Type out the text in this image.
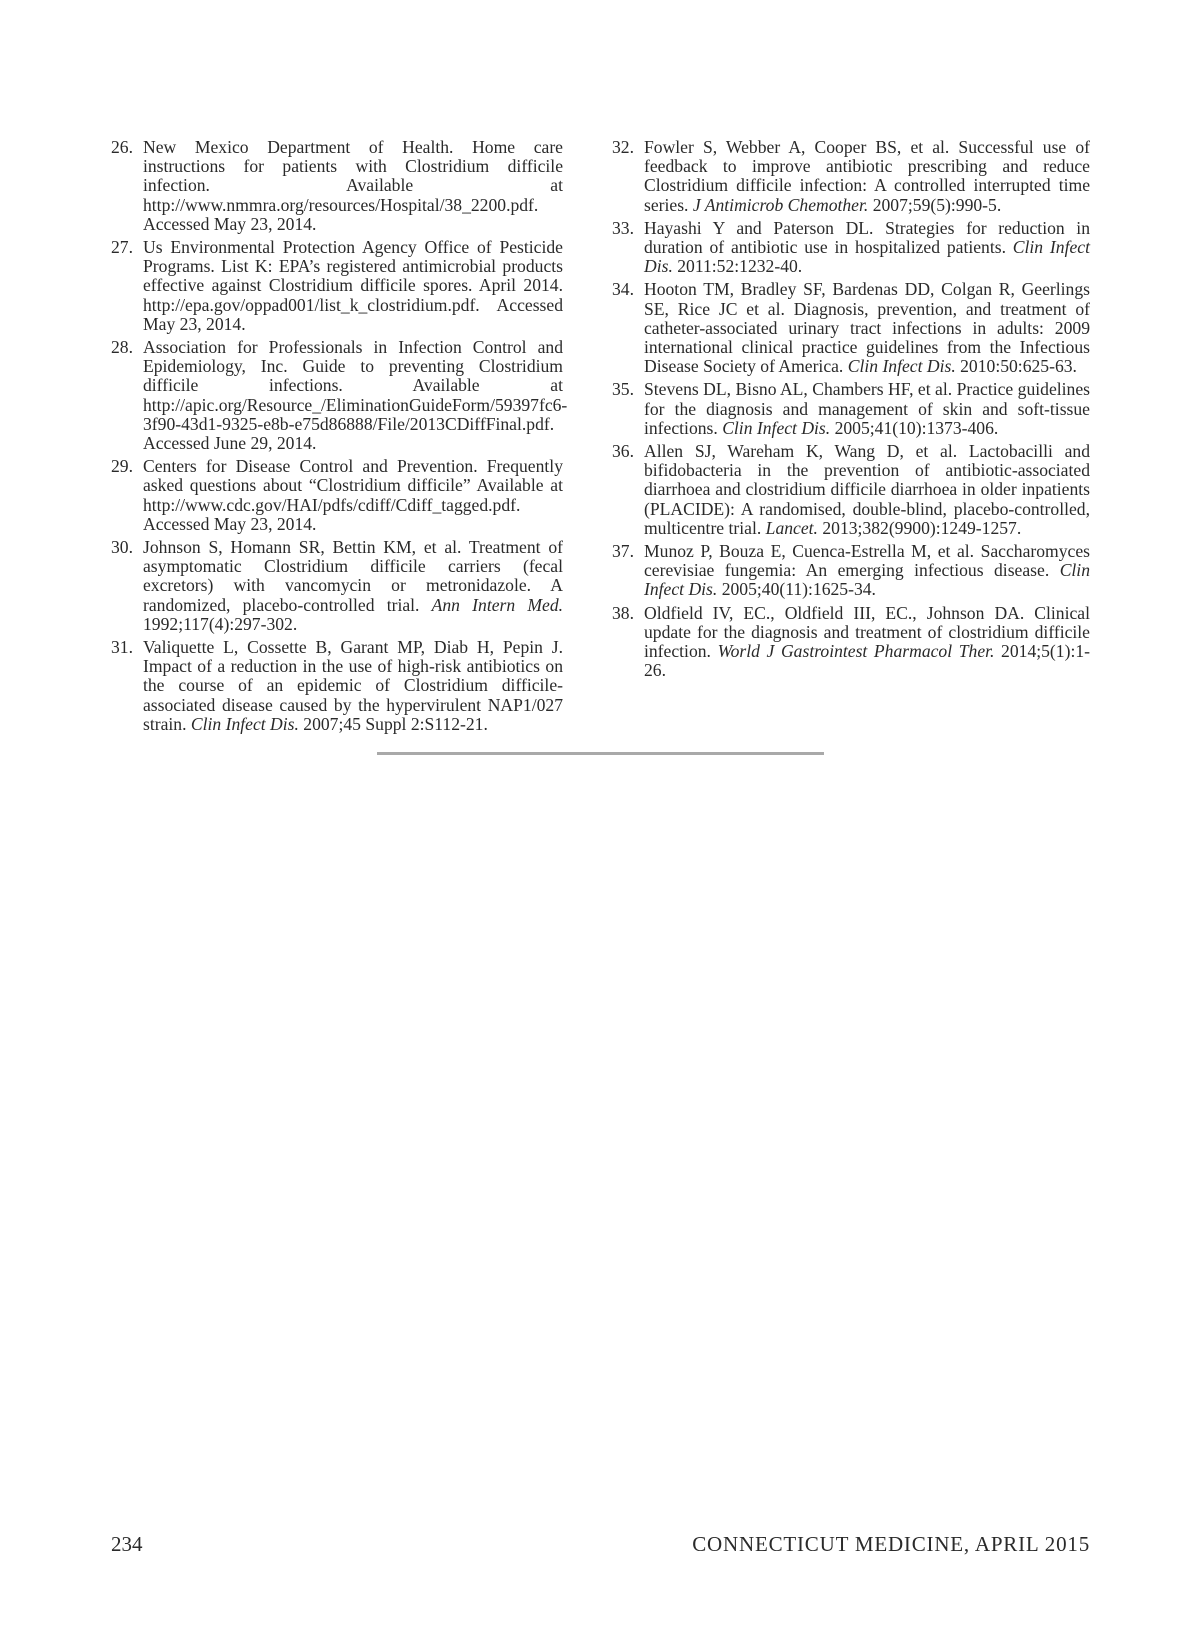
26. New Mexico Department of Health. Home care instructions for patients with Clostridium difficile infection. Available at http://www.nmmra.org/resources/Hospital/38_2200.pdf. Accessed May 23, 2014.
27. Us Environmental Protection Agency Office of Pesticide Programs. List K: EPA’s registered antimicrobial products effective against Clostridium difficile spores. April 2014. http://epa.gov/oppad001/list_k_clostridium.pdf. Accessed May 23, 2014.
28. Association for Professionals in Infection Control and Epidemiology, Inc. Guide to preventing Clostridium difficile infections. Available at http://apic.org/Resource_/EliminationGuideForm/59397fc6-3f90-43d1-9325-e8b-e75d86888/File/2013CDiffFinal.pdf. Accessed June 29, 2014.
29. Centers for Disease Control and Prevention. Frequently asked questions about “Clostridium difficile” Available at http://www.cdc.gov/HAI/pdfs/cdiff/Cdiff_tagged.pdf. Accessed May 23, 2014.
30. Johnson S, Homann SR, Bettin KM, et al. Treatment of asymptomatic Clostridium difficile carriers (fecal excretors) with vancomycin or metronidazole. A randomized, placebo-controlled trial. Ann Intern Med. 1992;117(4):297-302.
31. Valiquette L, Cossette B, Garant MP, Diab H, Pepin J. Impact of a reduction in the use of high-risk antibiotics on the course of an epidemic of Clostridium difficile-associated disease caused by the hypervirulent NAP1/027 strain. Clin Infect Dis. 2007;45 Suppl 2:S112-21.
32. Fowler S, Webber A, Cooper BS, et al. Successful use of feedback to improve antibiotic prescribing and reduce Clostridium difficile infection: A controlled interrupted time series. J Antimicrob Chemother. 2007;59(5):990-5.
33. Hayashi Y and Paterson DL. Strategies for reduction in duration of antibiotic use in hospitalized patients. Clin Infect Dis. 2011:52:1232-40.
34. Hooton TM, Bradley SF, Bardenas DD, Colgan R, Geerlings SE, Rice JC et al. Diagnosis, prevention, and treatment of catheter-associated urinary tract infections in adults: 2009 international clinical practice guidelines from the Infectious Disease Society of America. Clin Infect Dis. 2010:50:625-63.
35. Stevens DL, Bisno AL, Chambers HF, et al. Practice guidelines for the diagnosis and management of skin and soft-tissue infections. Clin Infect Dis. 2005;41(10):1373-406.
36. Allen SJ, Wareham K, Wang D, et al. Lactobacilli and bifidobacteria in the prevention of antibiotic-associated diarrhoea and clostridium difficile diarrhoea in older inpatients (PLACIDE): A randomised, double-blind, placebo-controlled, multicentre trial. Lancet. 2013;382(9900):1249-1257.
37. Munoz P, Bouza E, Cuenca-Estrella M, et al. Saccharomyces cerevisiae fungemia: An emerging infectious disease. Clin Infect Dis. 2005;40(11):1625-34.
38. Oldfield IV, EC., Oldfield III, EC., Johnson DA. Clinical update for the diagnosis and treatment of clostridium difficile infection. World J Gastrointest Pharmacol Ther. 2014;5(1):1-26.
234	CONNECTICUT MEDICINE, APRIL 2015
